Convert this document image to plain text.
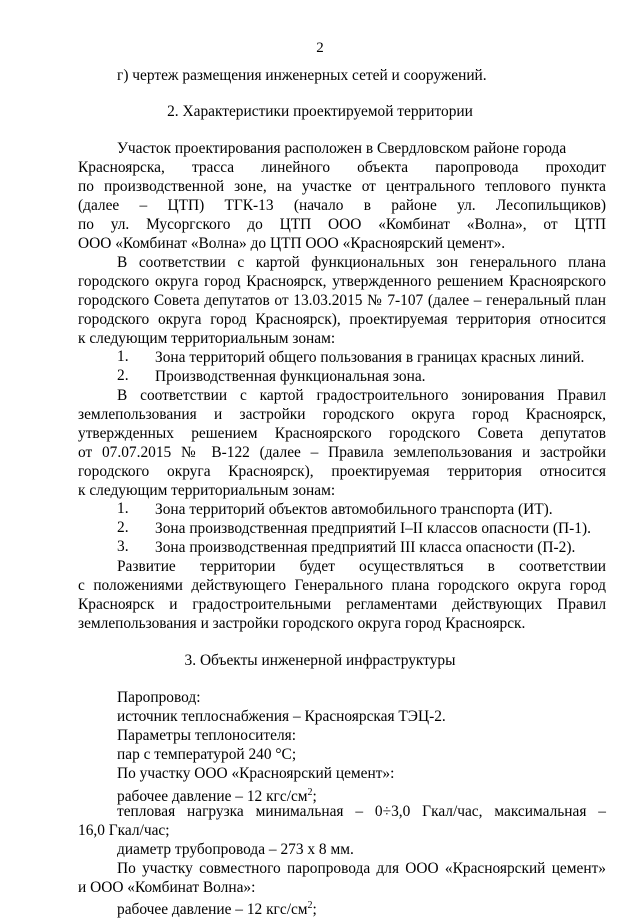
2
г) чертеж размещения инженерных сетей и сооружений.
2. Характеристики проектируемой территории
Участок проектирования расположен в Свердловском районе города
Красноярска, трасса линейного объекта паропровода проходит
по производственной зоне, на участке от центрального теплового пункта
(далее – ЦТП) ТГК-13 (начало в районе ул. Лесопильщиков)
по ул. Мусоргского до ЦТП ООО «Комбинат «Волна», от ЦТП
ООО «Комбинат «Волна» до ЦТП ООО «Красноярский цемент».
В соответствии с картой функциональных зон генерального плана
городского округа город Красноярск, утвержденного решением Красноярского
городского Совета депутатов от 13.03.2015 № 7-107 (далее – генеральный план
городского округа город Красноярск), проектируемая территория относится
к следующим территориальным зонам:
1. Зона территорий общего пользования в границах красных линий.
2. Производственная функциональная зона.
В соответствии с картой градостроительного зонирования Правил
землепользования и застройки городского округа город Красноярск,
утвержденных решением Красноярского городского Совета депутатов
от 07.07.2015 № В-122 (далее – Правила землепользования и застройки
городского округа Красноярск), проектируемая территория относится
к следующим территориальным зонам:
1. Зона территорий объектов автомобильного транспорта (ИТ).
2. Зона производственная предприятий I–II классов опасности (П-1).
3. Зона производственная предприятий III класса опасности (П-2).
Развитие территории будет осуществляться в соответствии
с положениями действующего Генерального плана городского округа город
Красноярск и градостроительными регламентами действующих Правил
землепользования и застройки городского округа город Красноярск.
3. Объекты инженерной инфраструктуры
Паропровод:
источник теплоснабжения – Красноярская ТЭЦ-2.
Параметры теплоносителя:
пар с температурой 240 °С;
По участку ООО «Красноярский цемент»:
рабочее давление – 12 кгс/$см^2$;
тепловая нагрузка минимальная – 0÷3,0 Гкал/час, максимальная –
16,0 Гкал/час;
диаметр трубопровода – 273 х 8 мм.
По участку совместного паропровода для ООО «Красноярский цемент»
и ООО «Комбинат Волна»:
рабочее давление – 12 кгс/$см^2$;
